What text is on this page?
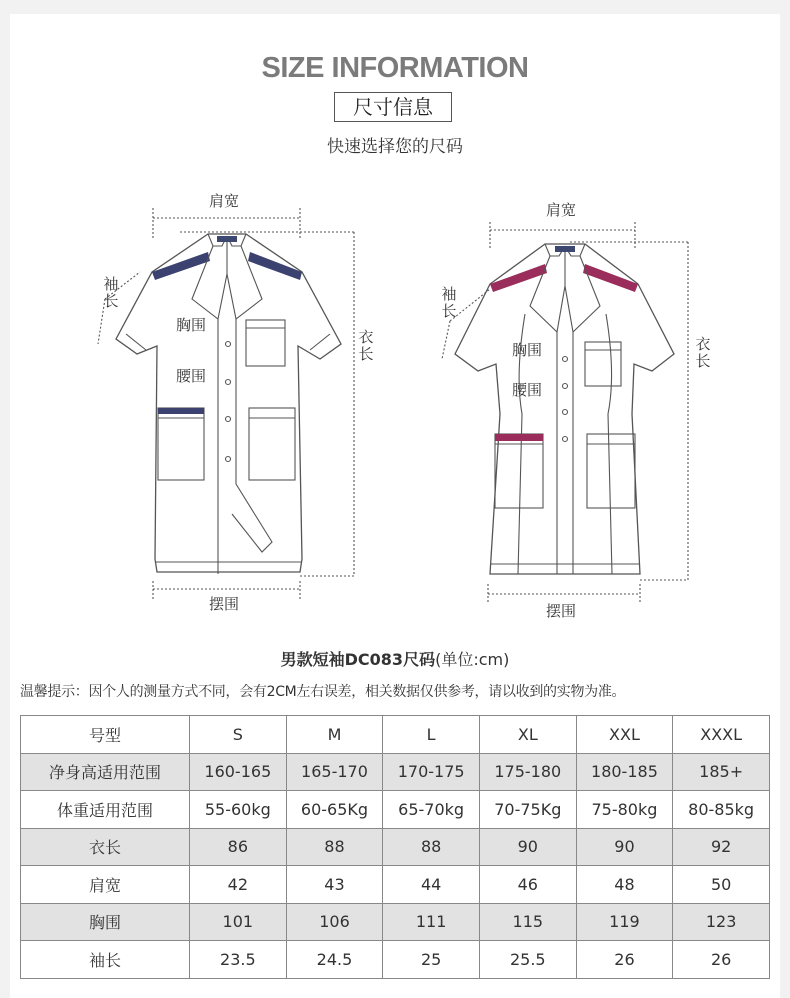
SIZE INFORMATION
尺寸信息
快速选择您的尺码
肩宽
袖长
胸围
腰围
衣长
摆围
肩宽
袖长
胸围
腰围
衣长
摆围
男款短袖DC083尺码(单位:cm)
温馨提示：因个人的测量方式不同，会有2CM左右误差，相关数据仅供参考，请以收到的实物为准。
号型	S	M	L	XL	XXL	XXXL
净身高适用范围	160-165	165-170	170-175	175-180	180-185	185+
体重适用范围	55-60kg	60-65Kg	65-70kg	70-75Kg	75-80kg	80-85kg
衣长	86	88	88	90	90	92
肩宽	42	43	44	46	48	50
胸围	101	106	111	115	119	123
袖长	23.5	24.5	25	25.5	26	26
